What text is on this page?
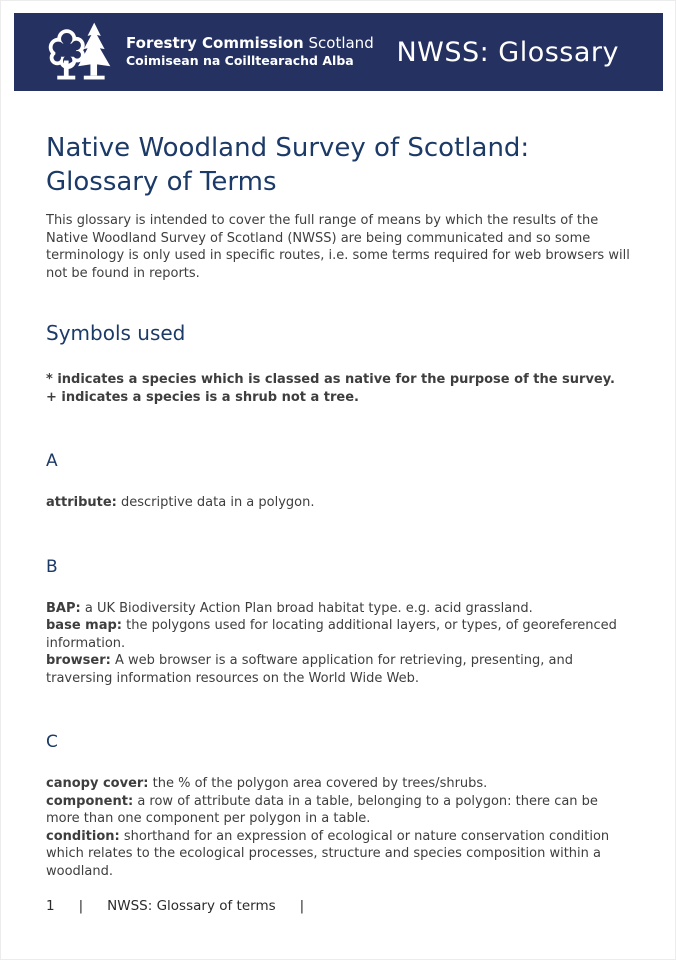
Forestry Commission Scotland
Coimisean na Coilltearachd Alba	NWSS: Glossary
Native Woodland Survey of Scotland:
Glossary of Terms

This glossary is intended to cover the full range of means by which the results of the Native Woodland Survey of Scotland (NWSS) are being communicated and so some terminology is only used in specific routes, i.e. some terms required for web browsers will not be found in reports.

Symbols used
* indicates a species which is classed as native for the purpose of the survey.
+ indicates a species is a shrub not a tree.
A
attribute: descriptive data in a polygon.
B
BAP: a UK Biodiversity Action Plan broad habitat type. e.g. acid grassland.
base map: the polygons used for locating additional layers, or types, of georeferenced information.
browser: A web browser is a software application for retrieving, presenting, and traversing information resources on the World Wide Web.
C
canopy cover: the % of the polygon area covered by trees/shrubs.
component: a row of attribute data in a table, belonging to a polygon: there can be more than one component per polygon in a table.
condition: shorthand for an expression of ecological or nature conservation condition which relates to the ecological processes, structure and species composition within a woodland.
1 | NWSS: Glossary of terms |
